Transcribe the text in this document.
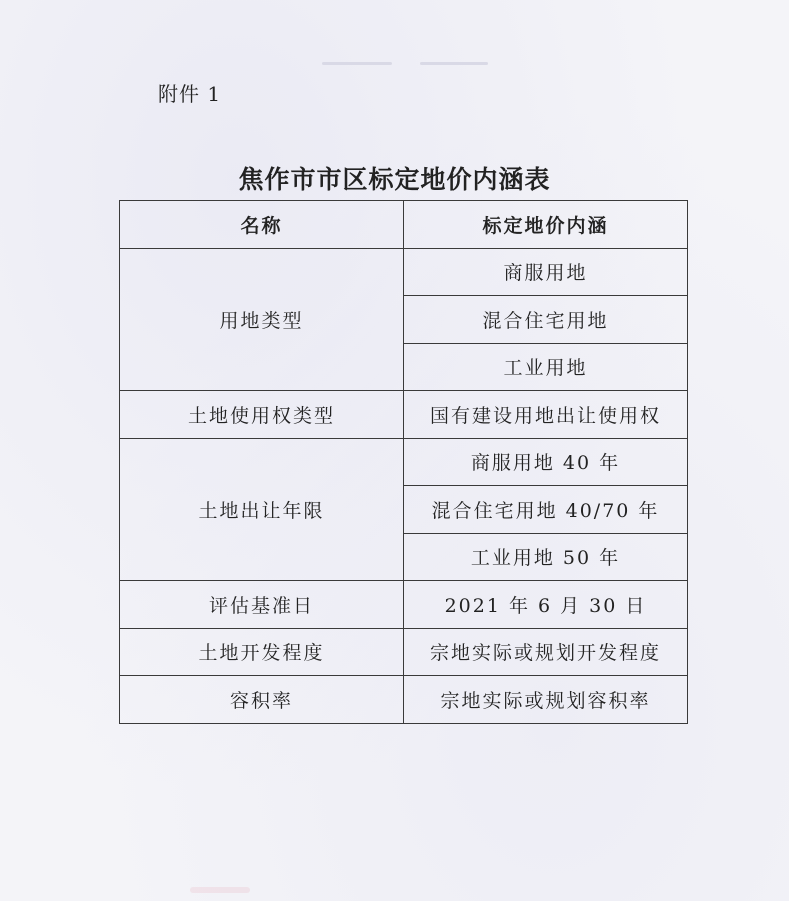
附件 1
焦作市市区标定地价内涵表
名称	标定地价内涵
用地类型	商服用地
	混合住宅用地
	工业用地
土地使用权类型	国有建设用地出让使用权
土地出让年限	商服用地 40 年
	混合住宅用地 40/70 年
	工业用地 50 年
评估基准日	2021 年 6 月 30 日
土地开发程度	宗地实际或规划开发程度
容积率	宗地实际或规划容积率
